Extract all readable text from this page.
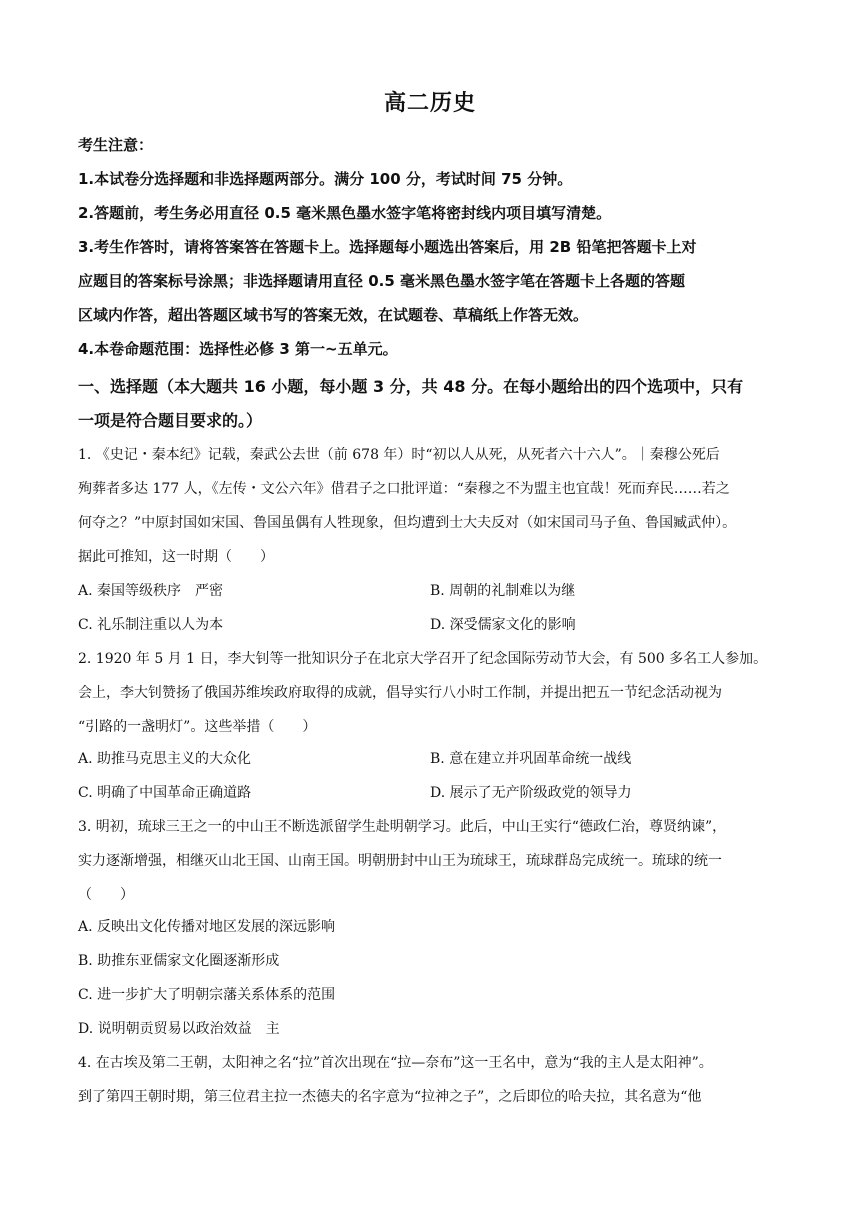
高二历史
考生注意：
1.本试卷分选择题和非选择题两部分。满分 100 分，考试时间 75 分钟。
2.答题前，考生务必用直径 0.5 毫米黑色墨水签字笔将密封线内项目填写清楚。
3.考生作答时，请将答案答在答题卡上。选择题每小题选出答案后，用 2B 铅笔把答题卡上对
应题目的答案标号涂黑；非选择题请用直径 0.5 毫米黑色墨水签字笔在答题卡上各题的答题
区域内作答，超出答题区域书写的答案无效，在试题卷、草稿纸上作答无效。
4.本卷命题范围：选择性必修 3 第一~五单元。
一、选择题（本大题共 16 小题，每小题 3 分，共 48 分。在每小题给出的四个选项中，只有
一项是符合题目要求的。）
1. 《史记・秦本纪》记载，秦武公去世（前 678 年）时“初以人从死，从死者六十六人”。｜秦穆公死后
殉葬者多达 177 人，《左传・文公六年》借君子之口批评道：“秦穆之不为盟主也宜哉！死而弃民……若之
何夺之？”中原封国如宋国、鲁国虽偶有人牲现象，但均遭到士大夫反对（如宋国司马子鱼、鲁国臧武仲）。
据此可推知，这一时期（　　）
A. 秦国等级秩序　严密	B. 周朝的礼制难以为继
C. 礼乐制注重以人为本	D. 深受儒家文化的影响
2. 1920 年 5 月 1 日，李大钊等一批知识分子在北京大学召开了纪念国际劳动节大会，有 500 多名工人参加。
会上，李大钊赞扬了俄国苏维埃政府取得的成就，倡导实行八小时工作制，并提出把五一节纪念活动视为
“引路的一盏明灯”。这些举措（　　）
A. 助推马克思主义的大众化	B. 意在建立并巩固革命统一战线
C. 明确了中国革命正确道路	D. 展示了无产阶级政党的领导力
3. 明初，琉球三王之一的中山王不断选派留学生赴明朝学习。此后，中山王实行“德政仁治，尊贤纳谏”，
实力逐渐增强，相继灭山北王国、山南王国。明朝册封中山王为琉球王，琉球群岛完成统一。琉球的统一
（　　）
A. 反映出文化传播对地区发展的深远影响
B. 助推东亚儒家文化圈逐渐形成
C. 进一步扩大了明朝宗藩关系体系的范围
D. 说明朝贡贸易以政治效益　主
4. 在古埃及第二王朝，太阳神之名“拉”首次出现在“拉—奈布”这一王名中，意为“我的主人是太阳神”。
到了第四王朝时期，第三位君主拉一杰德夫的名字意为“拉神之子”，之后即位的哈夫拉，其名意为“他
